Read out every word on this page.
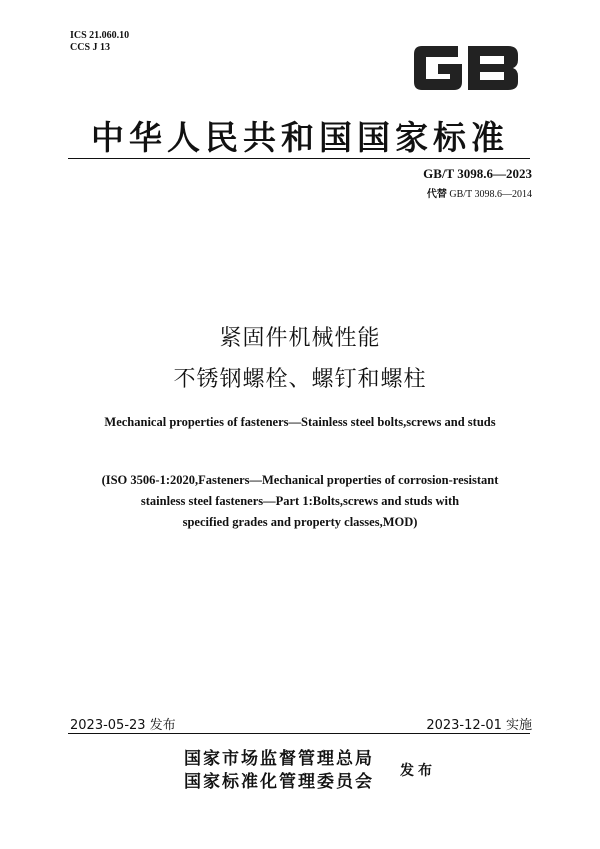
ICS 21.060.10
CCS J 13
GB
中华人民共和国国家标准
GB/T 3098.6—2023
代替 GB/T 3098.6—2014
紧固件机械性能
不锈钢螺栓、螺钉和螺柱
Mechanical properties of fasteners—Stainless steel bolts,screws and studs
(ISO 3506-1:2020,Fasteners—Mechanical properties of corrosion-resistant
stainless steel fasteners—Part 1:Bolts,screws and studs with
specified grades and property classes,MOD)
2023-05-23 发布	2023-12-01 实施
国家市场监督管理总局
国家标准化管理委员会
发布
